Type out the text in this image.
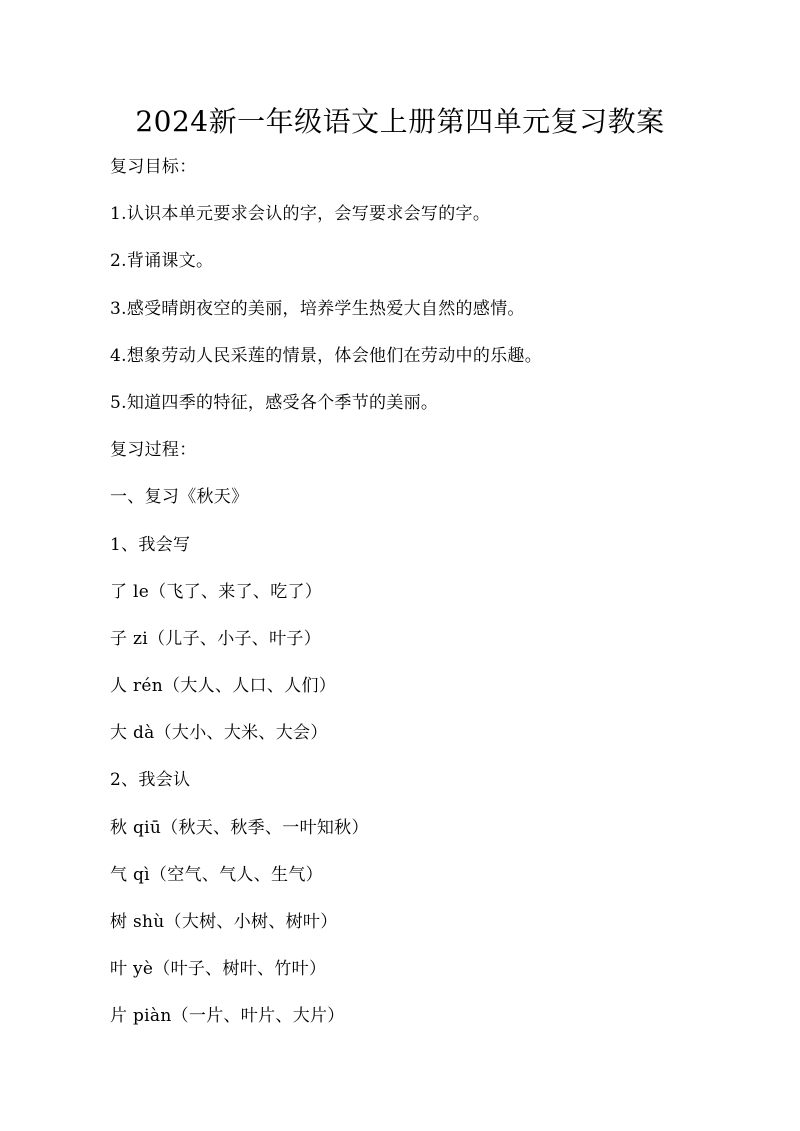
2024新一年级语文上册第四单元复习教案
复习目标：
1.认识本单元要求会认的字，会写要求会写的字。
2.背诵课文。
3.感受晴朗夜空的美丽，培养学生热爱大自然的感情。
4.想象劳动人民采莲的情景，体会他们在劳动中的乐趣。
5.知道四季的特征，感受各个季节的美丽。
复习过程：
一、复习《秋天》
1、我会写
了 le（飞了、来了、吃了）
子 zi（儿子、小子、叶子）
人 rén（大人、人口、人们）
大 dà（大小、大米、大会）
2、我会认
秋 qiū（秋天、秋季、一叶知秋）
气 qì（空气、气人、生气）
树 shù（大树、小树、树叶）
叶 yè（叶子、树叶、竹叶）
片 piàn（一片、叶片、大片）
